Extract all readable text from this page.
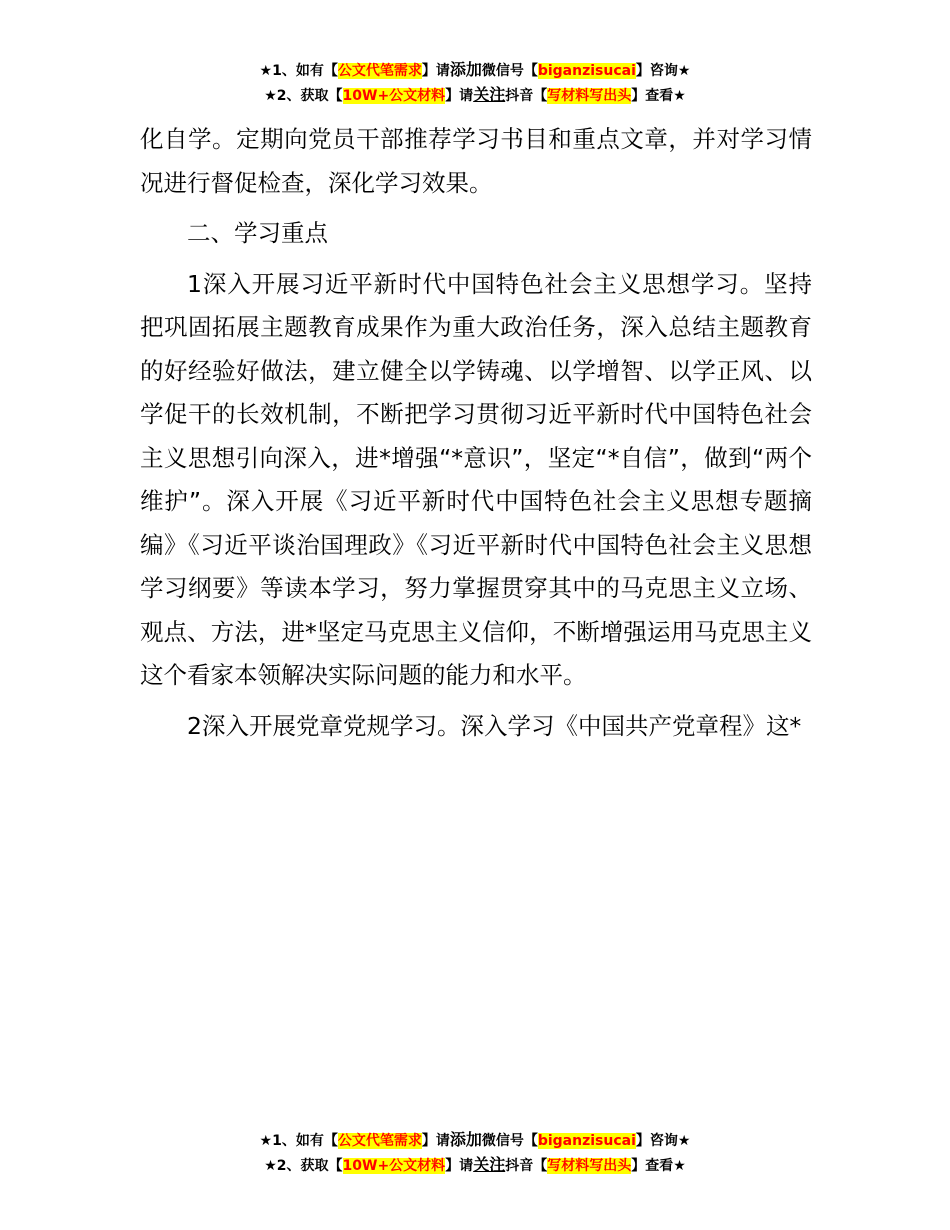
★1、如有【公文代笔需求】请添加微信号【biganzisucai】咨询★
★2、获取【10W+公文材料】请关注抖音【写材料写出头】查看★

化自学。定期向党员干部推荐学习书目和重点文章，并对学习情况进行督促检查，深化学习效果。

二、学习重点

1深入开展习近平新时代中国特色社会主义思想学习。坚持把巩固拓展主题教育成果作为重大政治任务，深入总结主题教育的好经验好做法，建立健全以学铸魂、以学增智、以学正风、以学促干的长效机制，不断把学习贯彻习近平新时代中国特色社会主义思想引向深入，进*增强“*意识”，坚定“*自信”，做到“两个维护”。深入开展《习近平新时代中国特色社会主义思想专题摘编》《习近平谈治国理政》《习近平新时代中国特色社会主义思想学习纲要》等读本学习，努力掌握贯穿其中的马克思主义立场、观点、方法，进*坚定马克思主义信仰，不断增强运用马克思主义这个看家本领解决实际问题的能力和水平。

2深入开展党章党规学习。深入学习《中国共产党章程》这*

★1、如有【公文代笔需求】请添加微信号【biganzisucai】咨询★
★2、获取【10W+公文材料】请关注抖音【写材料写出头】查看★
